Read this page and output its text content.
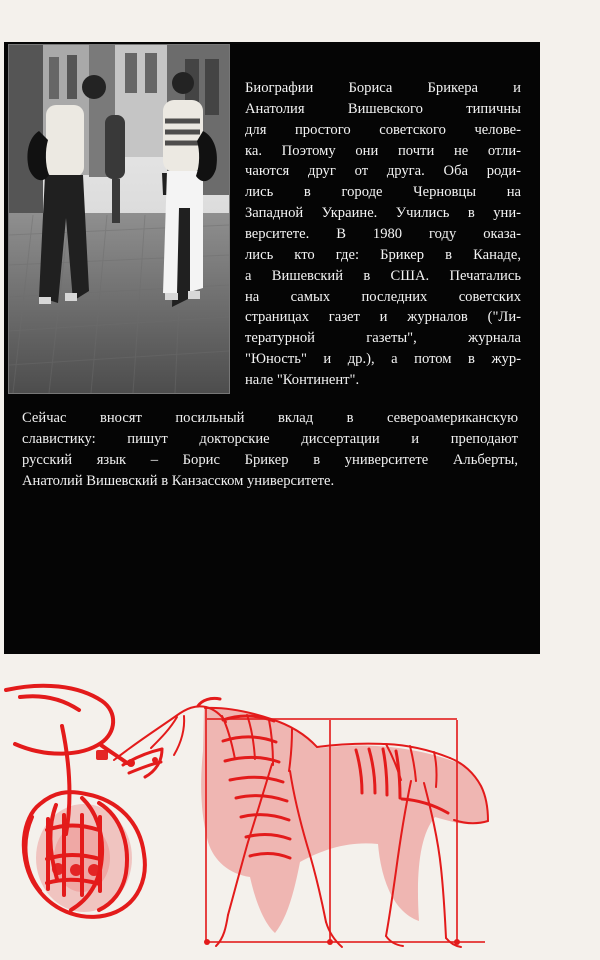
Биографии Бориса Брикера и
Анатолия Вишевского типичны
для простого советского челове-
ка. Поэтому они почти не отли-
чаются друг от друга. Оба роди-
лись в городе Черновцы на
Западной Украине. Учились в уни-
верситете. В 1980 году оказа-
лись кто где: Брикер в Канаде,
а Вишевский в США. Печатались
на самых последних советских
страницах газет и журналов ("Ли-
тературной газеты", журнала
"Юность" и др.), а потом в жур-
нале "Континент".
Сейчас вносят посильный вклад в североамериканскую
славистику: пишут докторские диссертации и преподают
русский язык – Борис Брикер в университете Альберты,
Анатолий Вишевский в Канзасском университете.
